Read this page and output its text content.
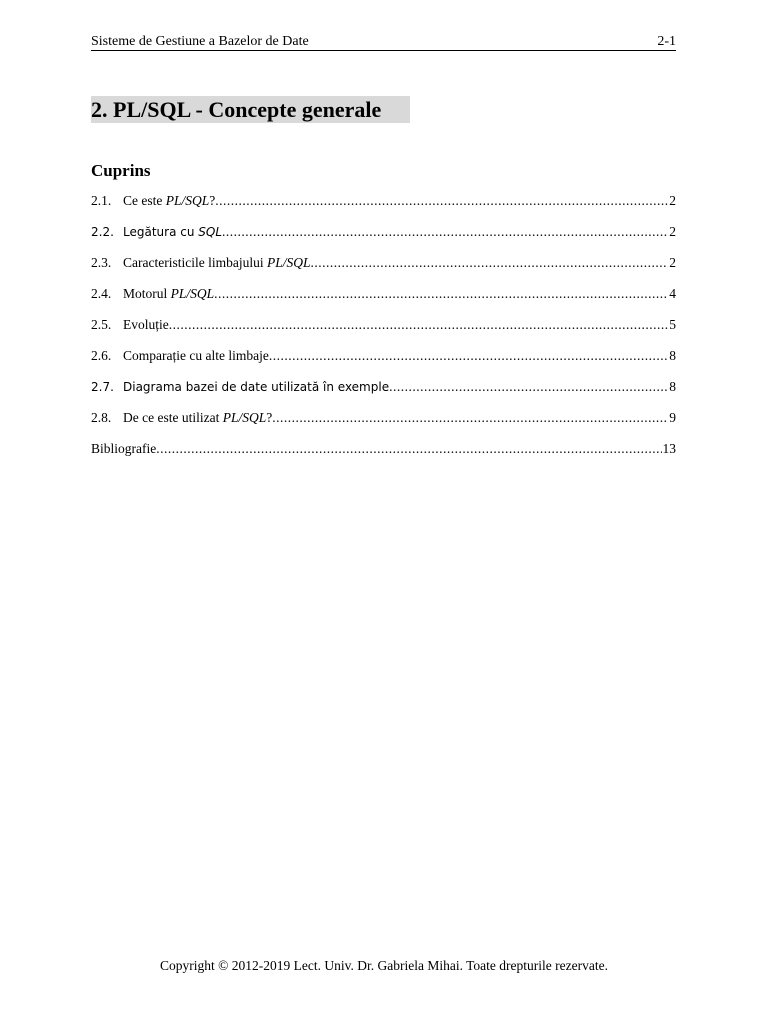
Sisteme de Gestiune a Bazelor de Date	2-1
2. PL/SQL - Concepte generale
Cuprins
2.1. Ce este PL/SQL? .....	2
2.2. Legătura cu SQL .....	2
2.3. Caracteristicile limbajului PL/SQL .....	2
2.4. Motorul PL/SQL .....	4
2.5. Evoluție .....	5
2.6. Comparație cu alte limbaje .....	8
2.7. Diagrama bazei de date utilizată în exemple .....	8
2.8. De ce este utilizat PL/SQL? .....	9
Bibliografie .....	13
Copyright © 2012-2019 Lect. Univ. Dr. Gabriela Mihai. Toate drepturile rezervate.
